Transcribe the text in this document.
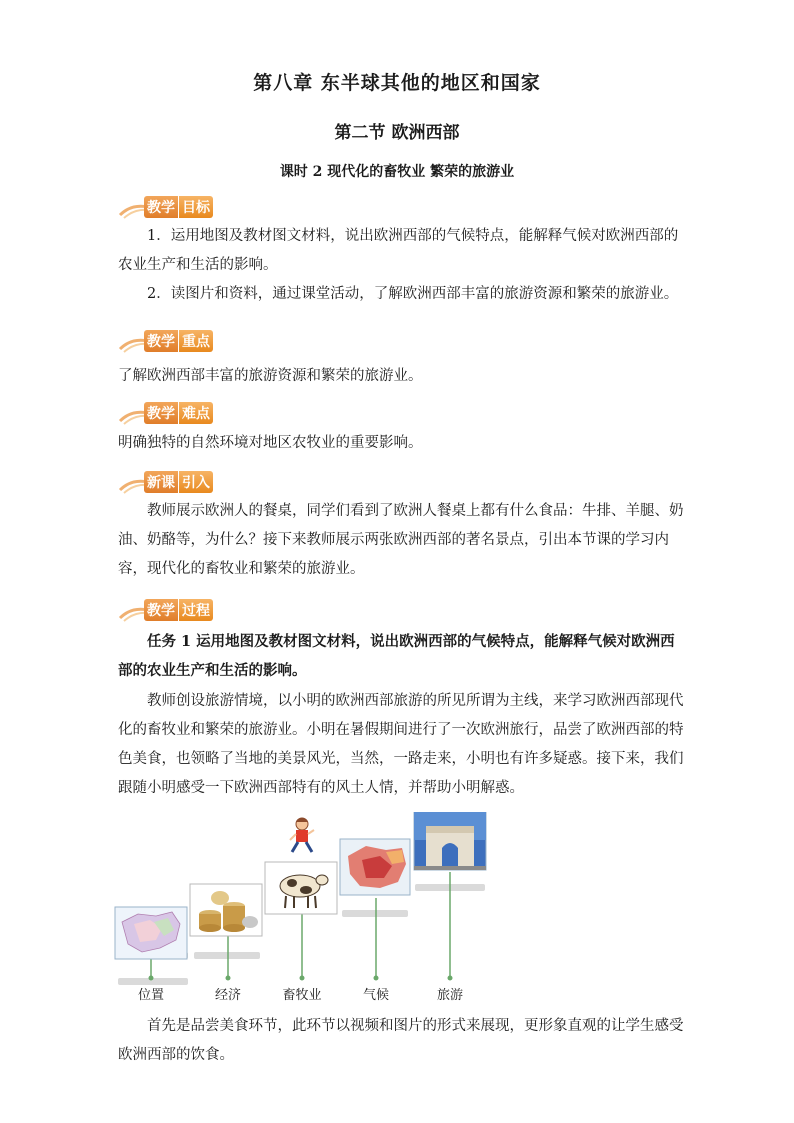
第八章 东半球其他的地区和国家
第二节 欧洲西部
课时 2 现代化的畜牧业 繁荣的旅游业
教学 目标
1．运用地图及教材图文材料，说出欧洲西部的气候特点，能解释气候对欧洲西部的农业生产和生活的影响。
2．读图片和资料，通过课堂活动，了解欧洲西部丰富的旅游资源和繁荣的旅游业。
教学 重点
了解欧洲西部丰富的旅游资源和繁荣的旅游业。
教学 难点
明确独特的自然环境对地区农牧业的重要影响。
新课 引入
教师展示欧洲人的餐桌，同学们看到了欧洲人餐桌上都有什么食品：牛排、羊腿、奶油、奶酪等，为什么？接下来教师展示两张欧洲西部的著名景点，引出本节课的学习内容，现代化的畜牧业和繁荣的旅游业。
教学 过程
任务 1 运用地图及教材图文材料，说出欧洲西部的气候特点，能解释气候对欧洲西部的农业生产和生活的影响。
教师创设旅游情境，以小明的欧洲西部旅游的所见所谓为主线，来学习欧洲西部现代化的畜牧业和繁荣的旅游业。小明在暑假期间进行了一次欧洲旅行，品尝了欧洲西部的特色美食，也领略了当地的美景风光，当然，一路走来，小明也有许多疑惑。接下来，我们跟随小明感受一下欧洲西部特有的风土人情，并帮助小明解惑。
位置	经济	畜牧业	气候	旅游
首先是品尝美食环节，此环节以视频和图片的形式来展现，更形象直观的让学生感受欧洲西部的饮食。
